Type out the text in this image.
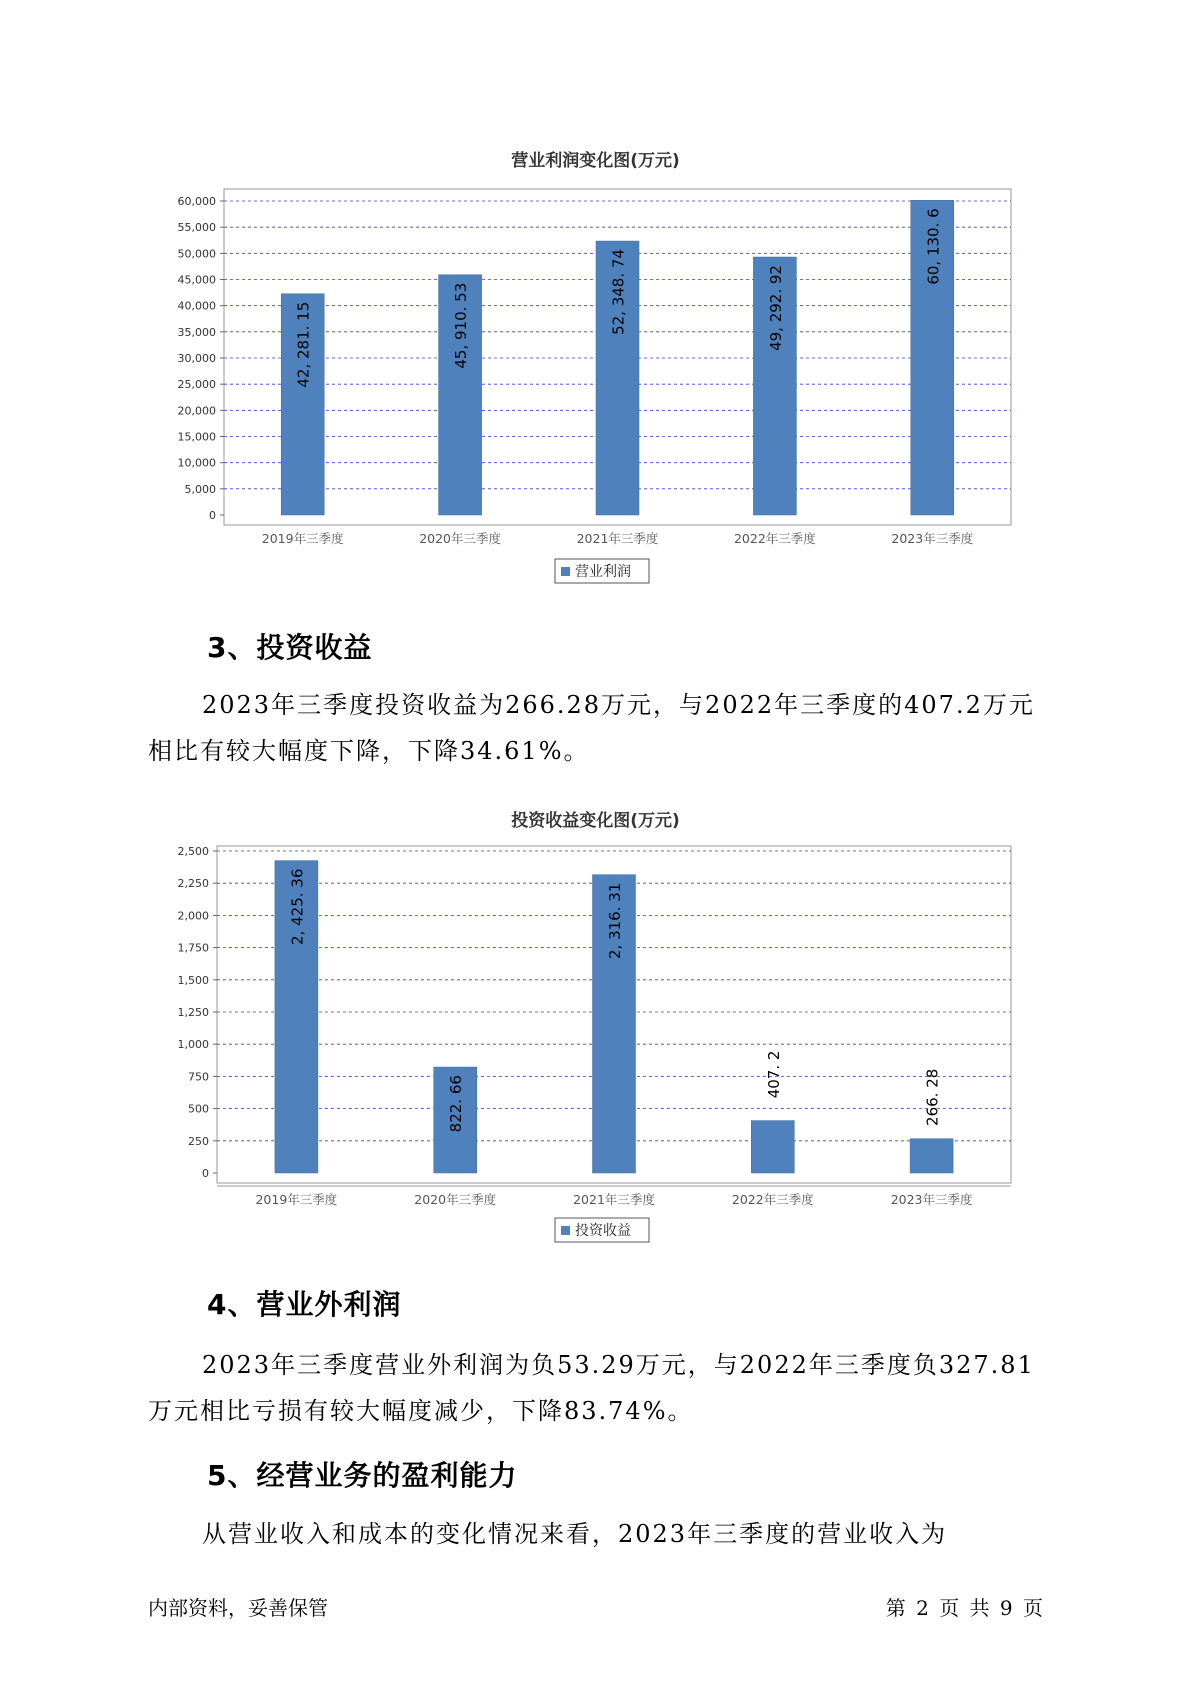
营业利润变化图(万元)
0
5,000
10,000
15,000
20,000
25,000
30,000
35,000
40,000
45,000
50,000
55,000
60,000
42, 281. 15
2019年三季度
45, 910. 53
2020年三季度
52, 348. 74
2021年三季度
49, 292. 92
2022年三季度
60, 130. 6
2023年三季度
营业利润
3、投资收益

2023年三季度投资收益为266.28万元，与2022年三季度的407.2万元相比有较大幅度下降，下降34.61%。

投资收益变化图(万元)
0
250
500
750
1,000
1,250
1,500
1,750
2,000
2,250
2,500
2, 425. 36
2019年三季度
822. 66
2020年三季度
2, 316. 31
2021年三季度
407. 2
2022年三季度
266. 28
2023年三季度
投资收益
4、营业外利润

2023年三季度营业外利润为负53.29万元，与2022年三季度负327.81万元相比亏损有较大幅度减少，下降83.74%。

5、经营业务的盈利能力

从营业收入和成本的变化情况来看，2023年三季度的营业收入为

内部资料，妥善保管	第 2 页 共 9 页
